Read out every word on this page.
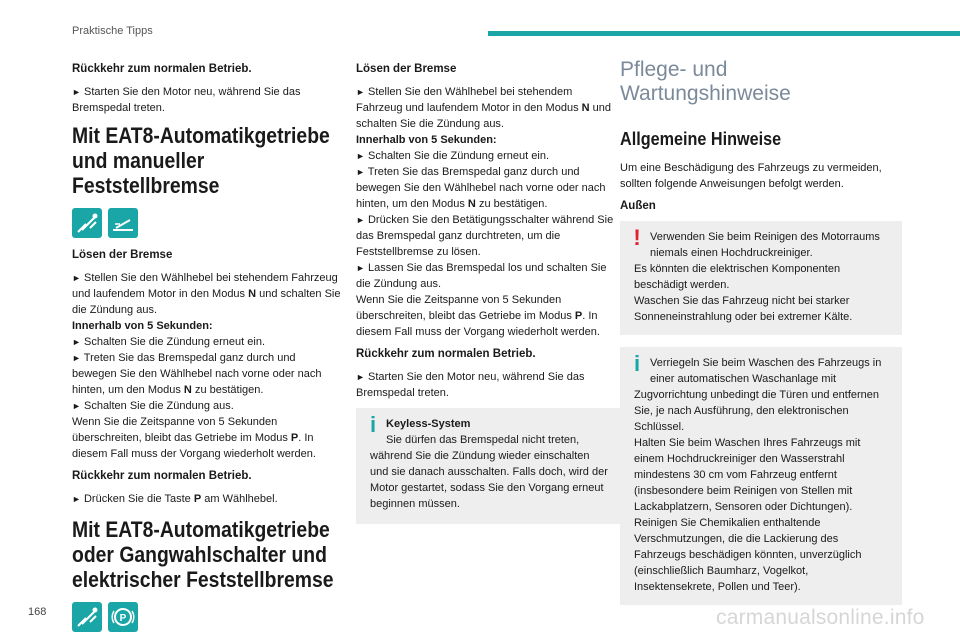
Praktische Tipps
Rückkehr zum normalen Betrieb.
► Starten Sie den Motor neu, während Sie das Bremspedal treten.
Mit EAT8-Automatikgetriebe und manueller Feststellbremse
Lösen der Bremse
► Stellen Sie den Wählhebel bei stehendem Fahrzeug und laufendem Motor in den Modus N und schalten Sie die Zündung aus.
Innerhalb von 5 Sekunden:
► Schalten Sie die Zündung erneut ein.
► Treten Sie das Bremspedal ganz durch und bewegen Sie den Wählhebel nach vorne oder nach hinten, um den Modus N zu bestätigen.
► Schalten Sie die Zündung aus.
Wenn Sie die Zeitspanne von 5 Sekunden überschreiten, bleibt das Getriebe im Modus P. In diesem Fall muss der Vorgang wiederholt werden.
Rückkehr zum normalen Betrieb.
► Drücken Sie die Taste P am Wählhebel.
Mit EAT8-Automatikgetriebe oder Gangwahlschalter und elektrischer Feststellbremse
P
Lösen der Bremse
► Stellen Sie den Wählhebel bei stehendem Fahrzeug und laufendem Motor in den Modus N und schalten Sie die Zündung aus.
Innerhalb von 5 Sekunden:
► Schalten Sie die Zündung erneut ein.
► Treten Sie das Bremspedal ganz durch und bewegen Sie den Wählhebel nach vorne oder nach hinten, um den Modus N zu bestätigen.
► Drücken Sie den Betätigungsschalter während Sie das Bremspedal ganz durchtreten, um die Feststellbremse zu lösen.
► Lassen Sie das Bremspedal los und schalten Sie die Zündung aus.
Wenn Sie die Zeitspanne von 5 Sekunden überschreiten, bleibt das Getriebe im Modus P. In diesem Fall muss der Vorgang wiederholt werden.
Rückkehr zum normalen Betrieb.
► Starten Sie den Motor neu, während Sie das Bremspedal treten.
i Keyless-System
Sie dürfen das Bremspedal nicht treten,
während Sie die Zündung wieder einschalten und sie danach ausschalten. Falls doch, wird der Motor gestartet, sodass Sie den Vorgang erneut beginnen müssen.
Pflege- und Wartungshinweise
Allgemeine Hinweise
Um eine Beschädigung des Fahrzeugs zu vermeiden, sollten folgende Anweisungen befolgt werden.
Außen
! Verwenden Sie beim Reinigen des Motorraums niemals einen Hochdruckreiniger.
Es könnten die elektrischen Komponenten beschädigt werden.
Waschen Sie das Fahrzeug nicht bei starker Sonneneinstrahlung oder bei extremer Kälte.
i Verriegeln Sie beim Waschen des Fahrzeugs in einer automatischen Waschanlage mit
Zugvorrichtung unbedingt die Türen und entfernen Sie, je nach Ausführung, den elektronischen Schlüssel.
Halten Sie beim Waschen Ihres Fahrzeugs mit einem Hochdruckreiniger den Wasserstrahl mindestens 30 cm vom Fahrzeug entfernt (insbesondere beim Reinigen von Stellen mit Lackabplatzern, Sensoren oder Dichtungen).
Reinigen Sie Chemikalien enthaltende Verschmutzungen, die die Lackierung des Fahrzeugs beschädigen könnten, unverzüglich (einschließlich Baumharz, Vogelkot, Insektensekrete, Pollen und Teer).
168	carmanualsonline.info
